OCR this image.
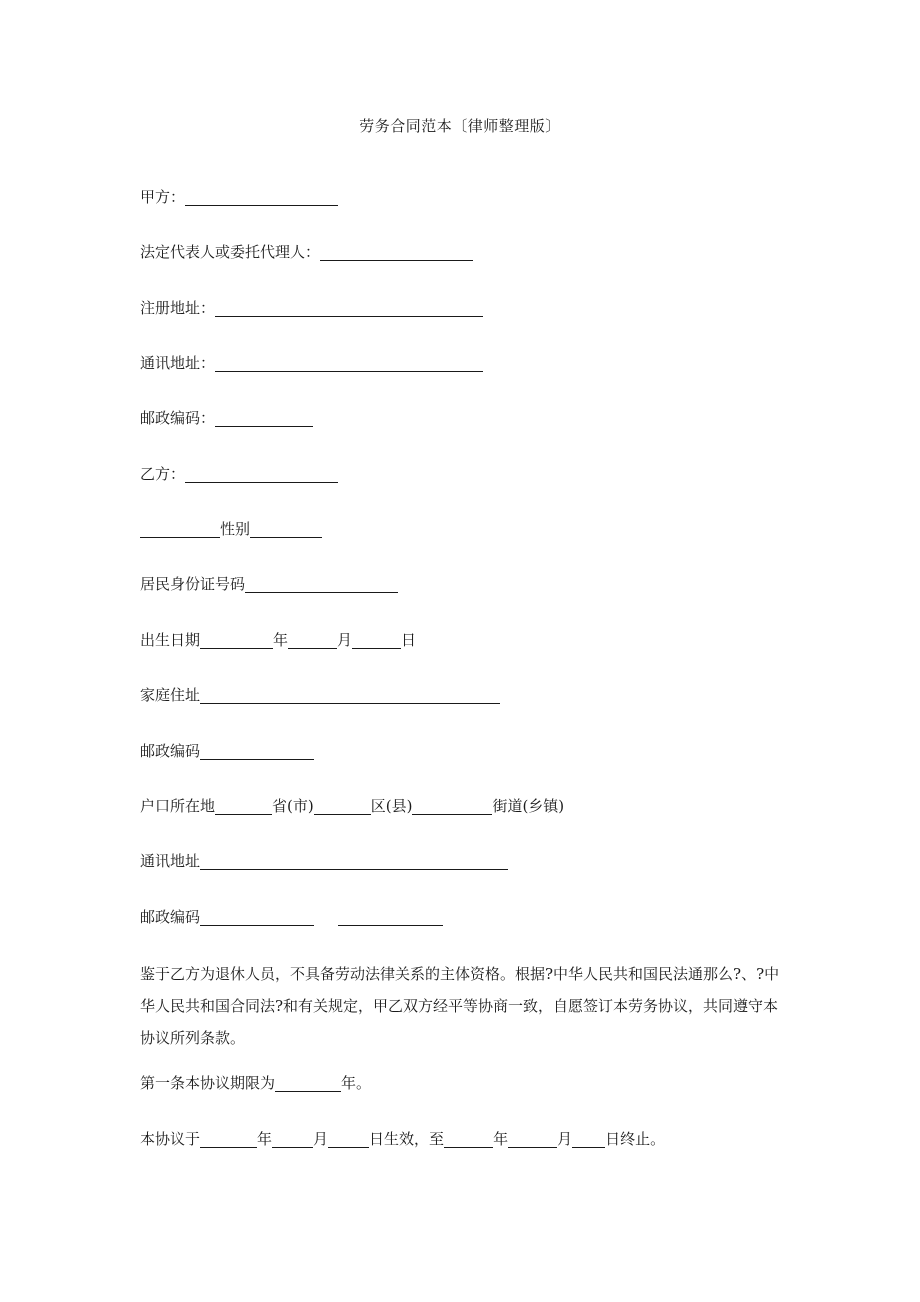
劳务合同范本〔律师整理版〕
甲方：
法定代表人或委托代理人：
注册地址：
通讯地址：
邮政编码：
乙方：
性别
居民身份证号码
出生日期	年	月	日
家庭住址
邮政编码
户口所在地	省(市)	区(县)	街道(乡镇)
通讯地址
邮政编码
鉴于乙方为退休人员，不具备劳动法律关系的主体资格。根据?中华人民共和国民法通那么?、?中华人民共和国合同法?和有关规定，甲乙双方经平等协商一致，自愿签订本劳务协议，共同遵守本协议所列条款。
第一条本协议期限为	年。
本协议于	年	月	日生效，至	年	月 日终止。
